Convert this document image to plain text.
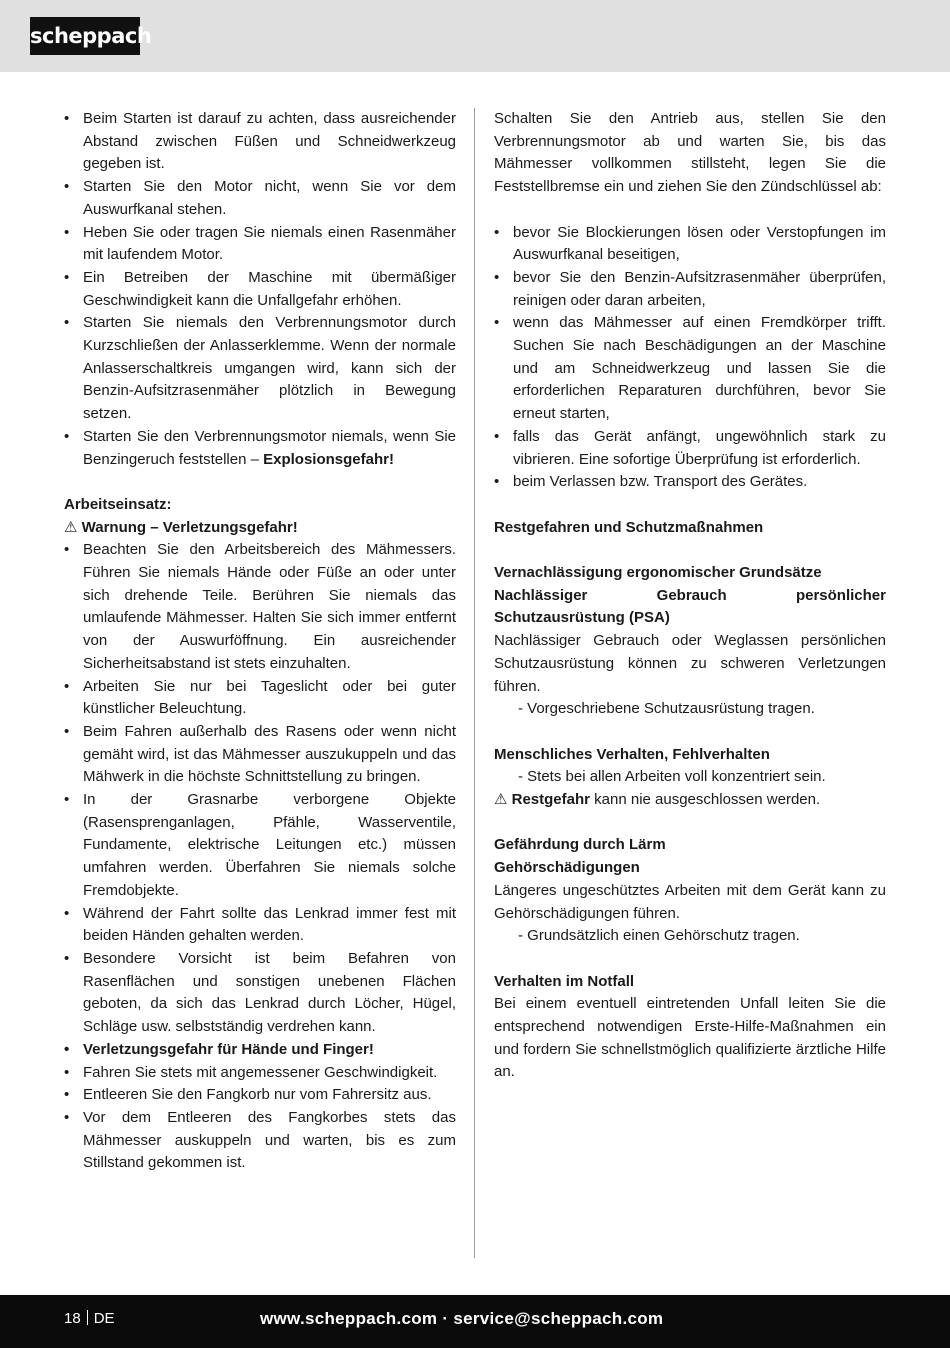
scheppach
• Beim Starten ist darauf zu achten, dass ausreichender Abstand zwischen Füßen und Schneidwerkzeug gegeben ist.
• Starten Sie den Motor nicht, wenn Sie vor dem Auswurfkanal stehen.
• Heben Sie oder tragen Sie niemals einen Rasenmäher mit laufendem Motor.
• Ein Betreiben der Maschine mit übermäßiger Geschwindigkeit kann die Unfallgefahr erhöhen.
• Starten Sie niemals den Verbrennungsmotor durch Kurzschließen der Anlasserklemme. Wenn der normale Anlasserschaltkreis umgangen wird, kann sich der Benzin-Aufsitzrasenmäher plötzlich in Bewegung setzen.
• Starten Sie den Verbrennungsmotor niemals, wenn Sie Benzingeruch feststellen – Explosionsgefahr!
Arbeitseinsatz:
⚠ Warnung – Verletzungsgefahr!
• Beachten Sie den Arbeitsbereich des Mähmessers. Führen Sie niemals Hände oder Füße an oder unter sich drehende Teile. Berühren Sie niemals das umlaufende Mähmesser. Halten Sie sich immer entfernt von der Auswurföffnung. Ein ausreichender Sicherheitsabstand ist stets einzuhalten.
• Arbeiten Sie nur bei Tageslicht oder bei guter künstlicher Beleuchtung.
• Beim Fahren außerhalb des Rasens oder wenn nicht gemäht wird, ist das Mähmesser auszukuppeln und das Mähwerk in die höchste Schnittstellung zu bringen.
• In der Grasnarbe verborgene Objekte (Rasensprenganlagen, Pfähle, Wasserventile, Fundamente, elektrische Leitungen etc.) müssen umfahren werden. Überfahren Sie niemals solche Fremdobjekte.
• Während der Fahrt sollte das Lenkrad immer fest mit beiden Händen gehalten werden.
• Besondere Vorsicht ist beim Befahren von Rasenflächen und sonstigen unebenen Flächen geboten, da sich das Lenkrad durch Löcher, Hügel, Schläge usw. selbstständig verdrehen kann.
• Verletzungsgefahr für Hände und Finger!
• Fahren Sie stets mit angemessener Geschwindigkeit.
• Entleeren Sie den Fangkorb nur vom Fahrersitz aus.
• Vor dem Entleeren des Fangkorbes stets das Mähmesser auskuppeln und warten, bis es zum Stillstand gekommen ist.

Schalten Sie den Antrieb aus, stellen Sie den Verbrennungsmotor ab und warten Sie, bis das Mähmesser vollkommen stillsteht, legen Sie die Feststellbremse ein und ziehen Sie den Zündschlüssel ab:

• bevor Sie Blockierungen lösen oder Verstopfungen im Auswurfkanal beseitigen,
• bevor Sie den Benzin-Aufsitzrasenmäher überprüfen, reinigen oder daran arbeiten,
• wenn das Mähmesser auf einen Fremdkörper trifft. Suchen Sie nach Beschädigungen an der Maschine und am Schneidwerkzeug und lassen Sie die erforderlichen Reparaturen durchführen, bevor Sie erneut starten,
• falls das Gerät anfängt, ungewöhnlich stark zu vibrieren. Eine sofortige Überprüfung ist erforderlich.
• beim Verlassen bzw. Transport des Gerätes.
Restgefahren und Schutzmaßnahmen
Vernachlässigung ergonomischer Grundsätze

Nachlässiger Gebrauch persönlicher Schutzausrüstung (PSA)

Nachlässiger Gebrauch oder Weglassen persönlichen Schutzausrüstung können zu schweren Verletzungen führen.

- Vorgeschriebene Schutzausrüstung tragen.
Menschliches Verhalten, Fehlverhalten
- Stets bei allen Arbeiten voll konzentriert sein.
⚠ Restgefahr kann nie ausgeschlossen werden.
Gefährdung durch Lärm
Gehörschädigungen

Längeres ungeschütztes Arbeiten mit dem Gerät kann zu Gehörschädigungen führen.

- Grundsätzlich einen Gehörschutz tragen.
Verhalten im Notfall

Bei einem eventuell eintretenden Unfall leiten Sie die entsprechend notwendigen Erste-Hilfe-Maßnahmen ein und fordern Sie schnellstmöglich qualifizierte ärztliche Hilfe an.

18 DE	www.scheppach.com · service@scheppach.com
